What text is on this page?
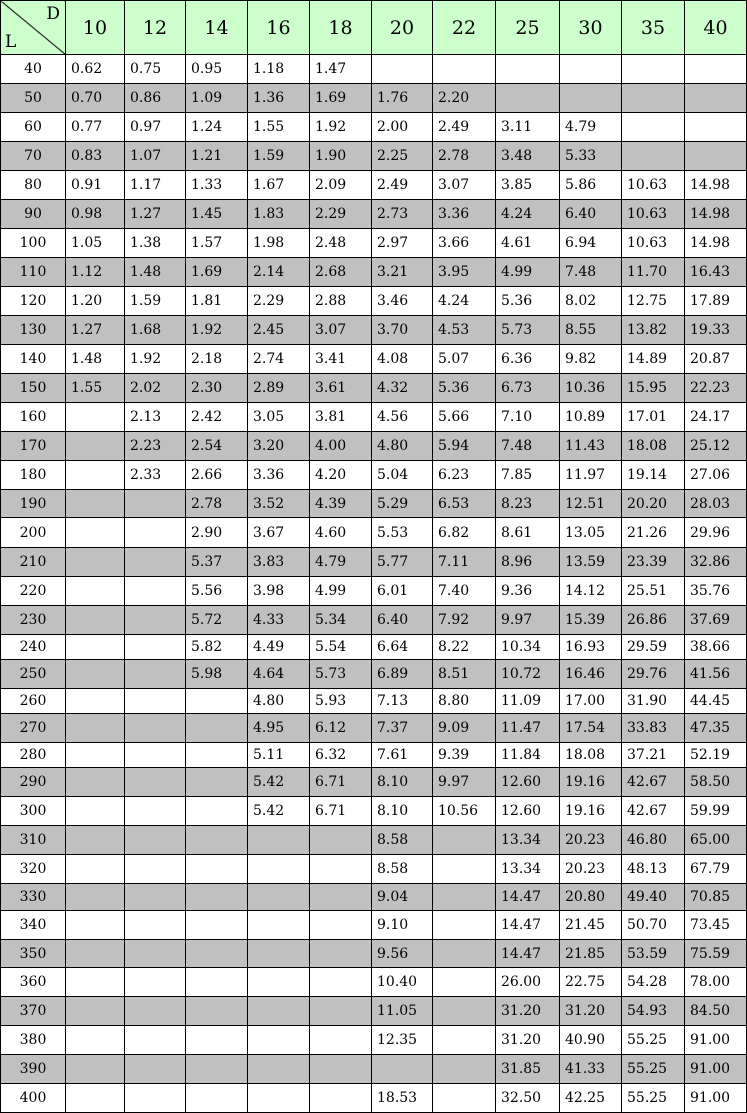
D
L	10	12	14	16	18	20	22	25	30	35	40
40	0.62	0.75	0.95	1.18	1.47						
50	0.70	0.86	1.09	1.36	1.69	1.76	2.20				
60	0.77	0.97	1.24	1.55	1.92	2.00	2.49	3.11	4.79		
70	0.83	1.07	1.21	1.59	1.90	2.25	2.78	3.48	5.33		
80	0.91	1.17	1.33	1.67	2.09	2.49	3.07	3.85	5.86	10.63	14.98
90	0.98	1.27	1.45	1.83	2.29	2.73	3.36	4.24	6.40	10.63	14.98
100	1.05	1.38	1.57	1.98	2.48	2.97	3.66	4.61	6.94	10.63	14.98
110	1.12	1.48	1.69	2.14	2.68	3.21	3.95	4.99	7.48	11.70	16.43
120	1.20	1.59	1.81	2.29	2.88	3.46	4.24	5.36	8.02	12.75	17.89
130	1.27	1.68	1.92	2.45	3.07	3.70	4.53	5.73	8.55	13.82	19.33
140	1.48	1.92	2.18	2.74	3.41	4.08	5.07	6.36	9.82	14.89	20.87
150	1.55	2.02	2.30	2.89	3.61	4.32	5.36	6.73	10.36	15.95	22.23
160		2.13	2.42	3.05	3.81	4.56	5.66	7.10	10.89	17.01	24.17
170		2.23	2.54	3.20	4.00	4.80	5.94	7.48	11.43	18.08	25.12
180		2.33	2.66	3.36	4.20	5.04	6.23	7.85	11.97	19.14	27.06
190			2.78	3.52	4.39	5.29	6.53	8.23	12.51	20.20	28.03
200			2.90	3.67	4.60	5.53	6.82	8.61	13.05	21.26	29.96
210			5.37	3.83	4.79	5.77	7.11	8.96	13.59	23.39	32.86
220			5.56	3.98	4.99	6.01	7.40	9.36	14.12	25.51	35.76
230			5.72	4.33	5.34	6.40	7.92	9.97	15.39	26.86	37.69
240			5.82	4.49	5.54	6.64	8.22	10.34	16.93	29.59	38.66
250			5.98	4.64	5.73	6.89	8.51	10.72	16.46	29.76	41.56
260				4.80	5.93	7.13	8.80	11.09	17.00	31.90	44.45
270				4.95	6.12	7.37	9.09	11.47	17.54	33.83	47.35
280				5.11	6.32	7.61	9.39	11.84	18.08	37.21	52.19
290				5.42	6.71	8.10	9.97	12.60	19.16	42.67	58.50
300				5.42	6.71	8.10	10.56	12.60	19.16	42.67	59.99
310						8.58		13.34	20.23	46.80	65.00
320						8.58		13.34	20.23	48.13	67.79
330						9.04		14.47	20.80	49.40	70.85
340						9.10		14.47	21.45	50.70	73.45
350						9.56		14.47	21.85	53.59	75.59
360						10.40		26.00	22.75	54.28	78.00
370						11.05		31.20	31.20	54.93	84.50
380						12.35		31.20	40.90	55.25	91.00
390								31.85	41.33	55.25	91.00
400						18.53		32.50	42.25	55.25	91.00
